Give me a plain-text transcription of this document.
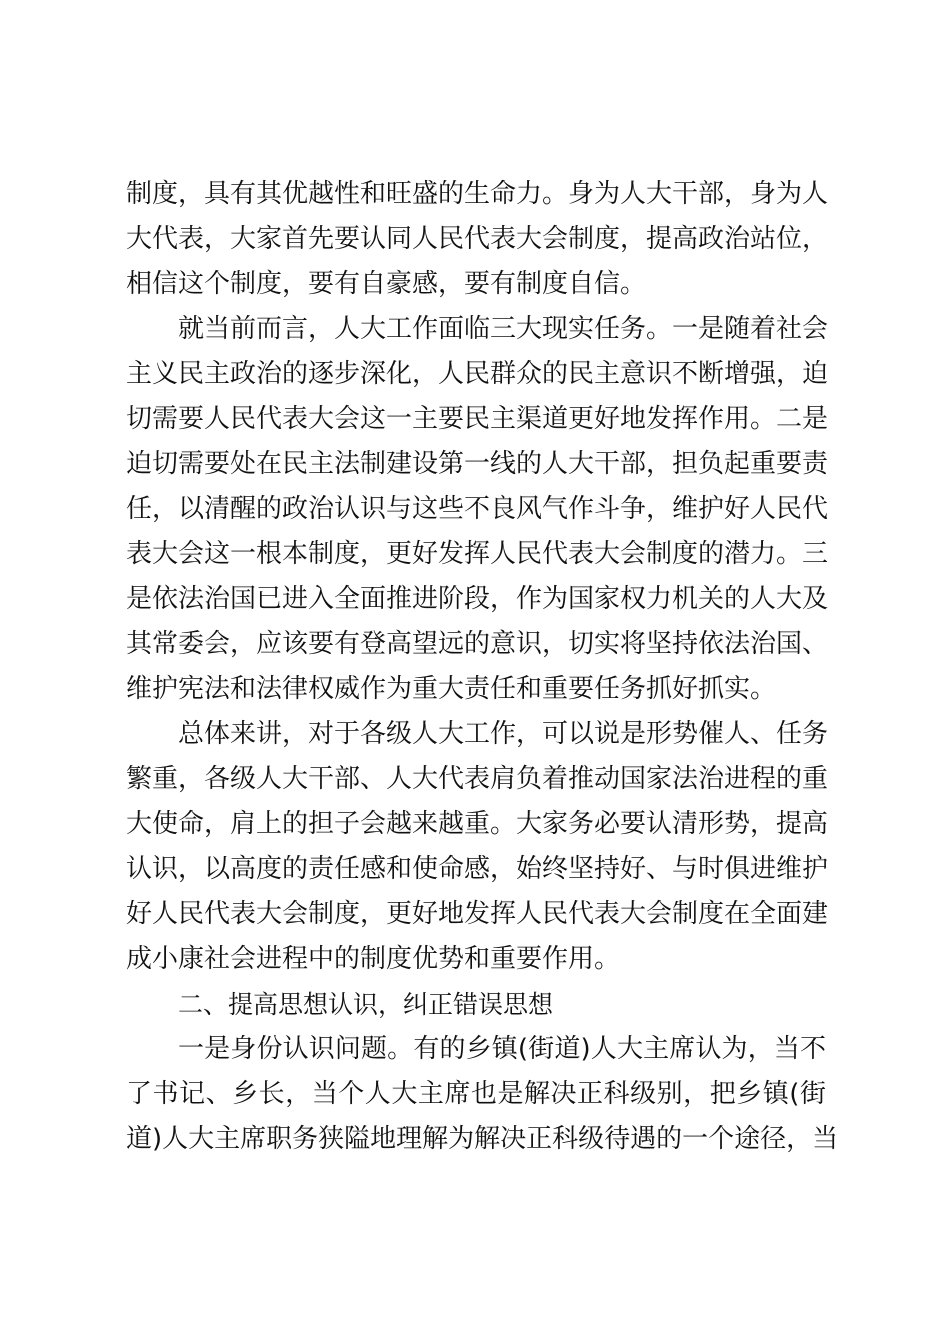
制度，具有其优越性和旺盛的生命力。身为人大干部，身为人
大代表，大家首先要认同人民代表大会制度，提高政治站位，
相信这个制度，要有自豪感，要有制度自信。
就当前而言，人大工作面临三大现实任务。一是随着社会
主义民主政治的逐步深化，人民群众的民主意识不断增强，迫
切需要人民代表大会这一主要民主渠道更好地发挥作用。二是
迫切需要处在民主法制建设第一线的人大干部，担负起重要责
任，以清醒的政治认识与这些不良风气作斗争，维护好人民代
表大会这一根本制度，更好发挥人民代表大会制度的潜力。三
是依法治国已进入全面推进阶段，作为国家权力机关的人大及
其常委会，应该要有登高望远的意识，切实将坚持依法治国、
维护宪法和法律权威作为重大责任和重要任务抓好抓实。
总体来讲，对于各级人大工作，可以说是形势催人、任务
繁重，各级人大干部、人大代表肩负着推动国家法治进程的重
大使命，肩上的担子会越来越重。大家务必要认清形势，提高
认识，以高度的责任感和使命感，始终坚持好、与时俱进维护
好人民代表大会制度，更好地发挥人民代表大会制度在全面建
成小康社会进程中的制度优势和重要作用。
二、提高思想认识，纠正错误思想
一是身份认识问题。有的乡镇(街道)人大主席认为，当不
了书记、乡长，当个人大主席也是解决正科级别，把乡镇(街
道)人大主席职务狭隘地理解为解决正科级待遇的一个途径，当
